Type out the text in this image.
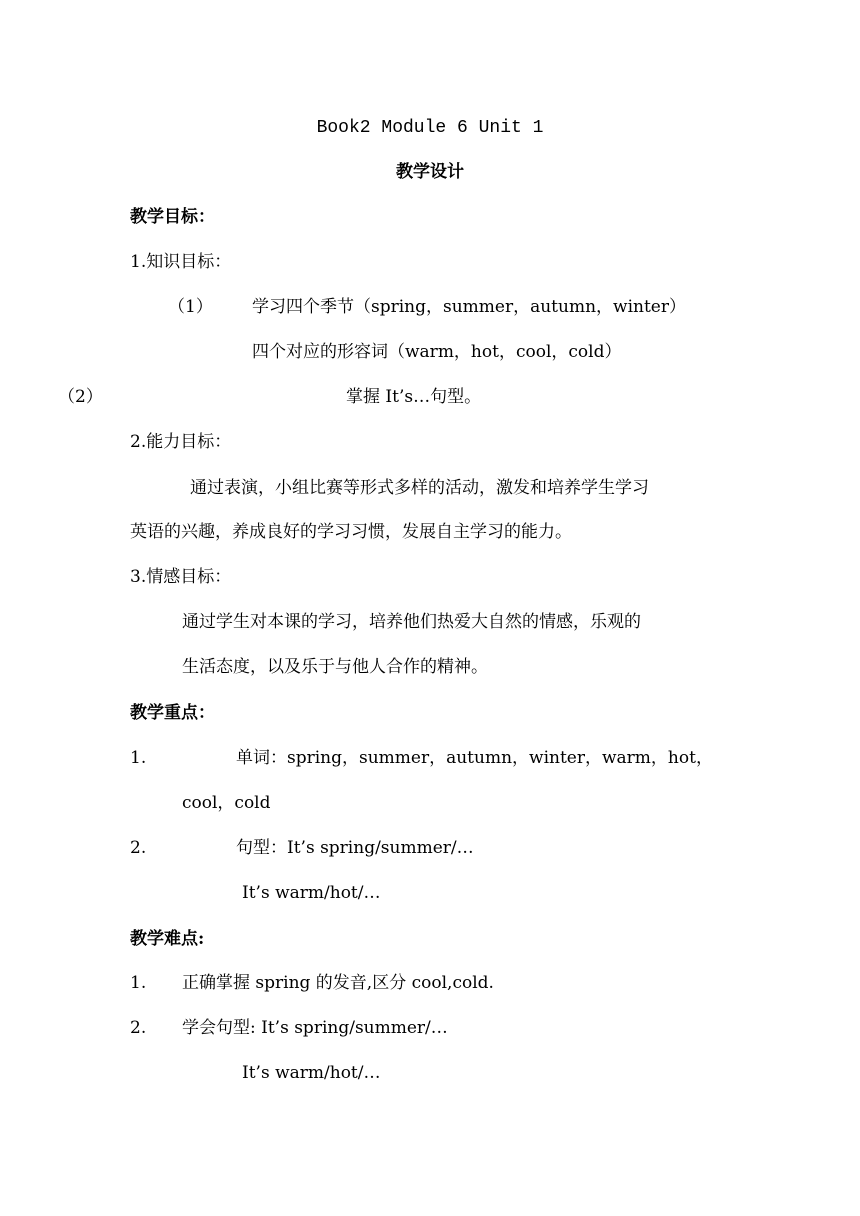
Book2 Module 6 Unit 1
教学设计
教学目标：
1.知识目标：
（1） 学习四个季节（spring，summer，autumn，winter）
四个对应的形容词（warm，hot，cool，cold）
（2）	掌握 It’s…句型。
2.能力目标：
通过表演，小组比赛等形式多样的活动，激发和培养学生学习
英语的兴趣，养成良好的学习习惯，发展自主学习的能力。
3.情感目标：
通过学生对本课的学习，培养他们热爱大自然的情感，乐观的
生活态度，以及乐于与他人合作的精神。
教学重点：
1.	单词：spring，summer，autumn，winter，warm，hot，
cool，cold
2.	句型：It’s spring/summer/…
It’s warm/hot/…
教学难点:
1. 正确掌握 spring 的发音,区分 cool,cold.
2. 学会句型: It’s spring/summer/…
It’s warm/hot/…
